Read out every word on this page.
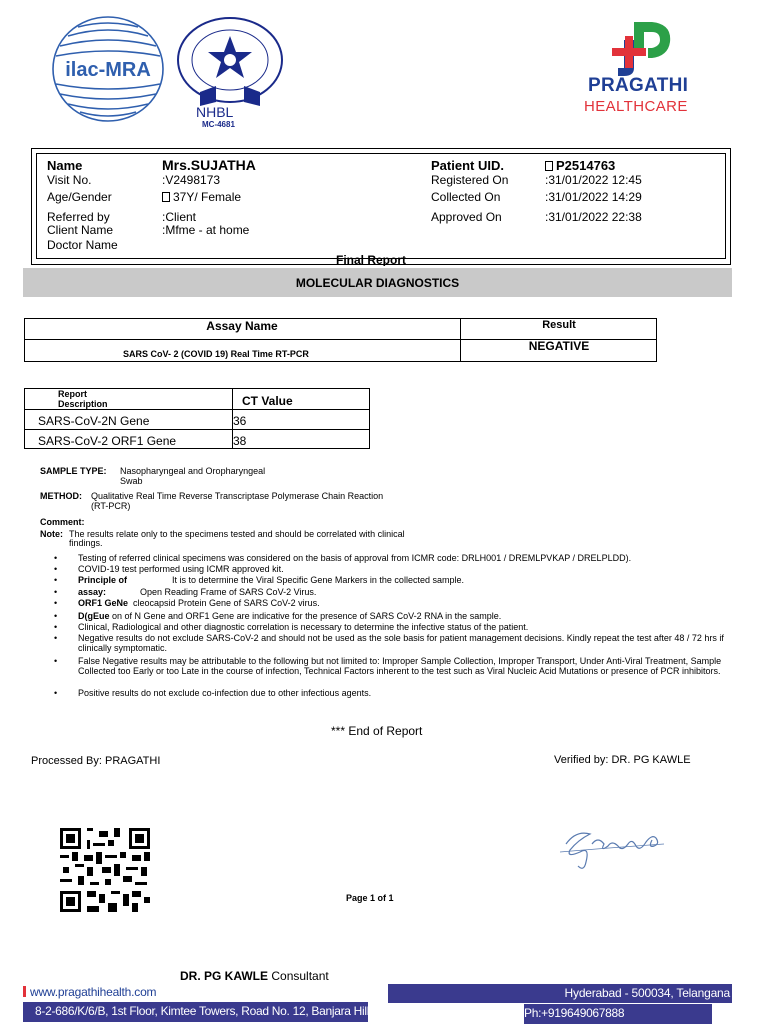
ilac-MRA
NHBL
MC-4681
PRAGATHI
HEALTHCARE
Name	Mrs.SUJATHA
Visit No.	:V2498173
Age/Gender	37Y/ Female
Referred by	:Client
Client Name	:Mfme - at home
Doctor Name
Patient UID.	P2514763
Registered On	:31/01/2022 12:45
Collected On	:31/01/2022 14:29
Approved On	:31/01/2022 22:38
Final Report
MOLECULAR DIAGNOSTICS
Assay Name	Result
SARS CoV- 2 (COVID 19) Real Time RT-PCR
NEGATIVE
Report
Description	CT Value
SARS-CoV-2N Gene	36
SARS-CoV-2 ORF1 Gene	38
SAMPLE TYPE: Nasopharyngeal and Oropharyngeal
Swab
METHOD: Qualitative Real Time Reverse Transcriptase Polymerase Chain Reaction
(RT-PCR)
Comment:
Note: The results relate only to the specimens tested and should be correlated with clinical
findings.
• Testing of referred clinical specimens was considered on the basis of approval from ICMR code: DRLH001 / DREMLPVKAP / DRELPLDD).
• COVID-19 test performed using ICMR approved kit.
• Principle of	It is to determine the Viral Specific Gene Markers in the collected sample.
• assay:	Open Reading Frame of SARS CoV-2 Virus.
• ORF1 GeNe cleocapsid Protein Gene of SARS CoV-2 virus.
• D(gEue on of N Gene and ORF1 Gene are indicative for the presence of SARS CoV-2 RNA in the sample.
• Clinical, Radiological and other diagnostic correlation is necessary to determine the infective status of the patient.
• Negative results do not exclude SARS-CoV-2 and should not be used as the sole basis for patient management decisions. Kindly repeat the test after 48 / 72 hrs if clinically symptomatic.
• False Negative results may be attributable to the following but not limited to: Improper Sample Collection, Improper Transport, Under Anti-Viral Treatment, Sample Collected too Early or too Late in the course of infection, Technical Factors inherent to the test such as Viral Nucleic Acid Mutations or presence of PCR inhibitors.
• Positive results do not exclude co-infection due to other infectious agents.
*** End of Report
Processed By: PRAGATHI	Verified by: DR. PG KAWLE
Page 1 of 1
DR. PG KAWLE Consultant
www.pragathihealth.com	Hyderabad - 500034, Telangana
8-2-686/K/6/B, 1st Floor, Kimtee Towers, Road No. 12, Banjara Hills,	Ph:+919649067888
